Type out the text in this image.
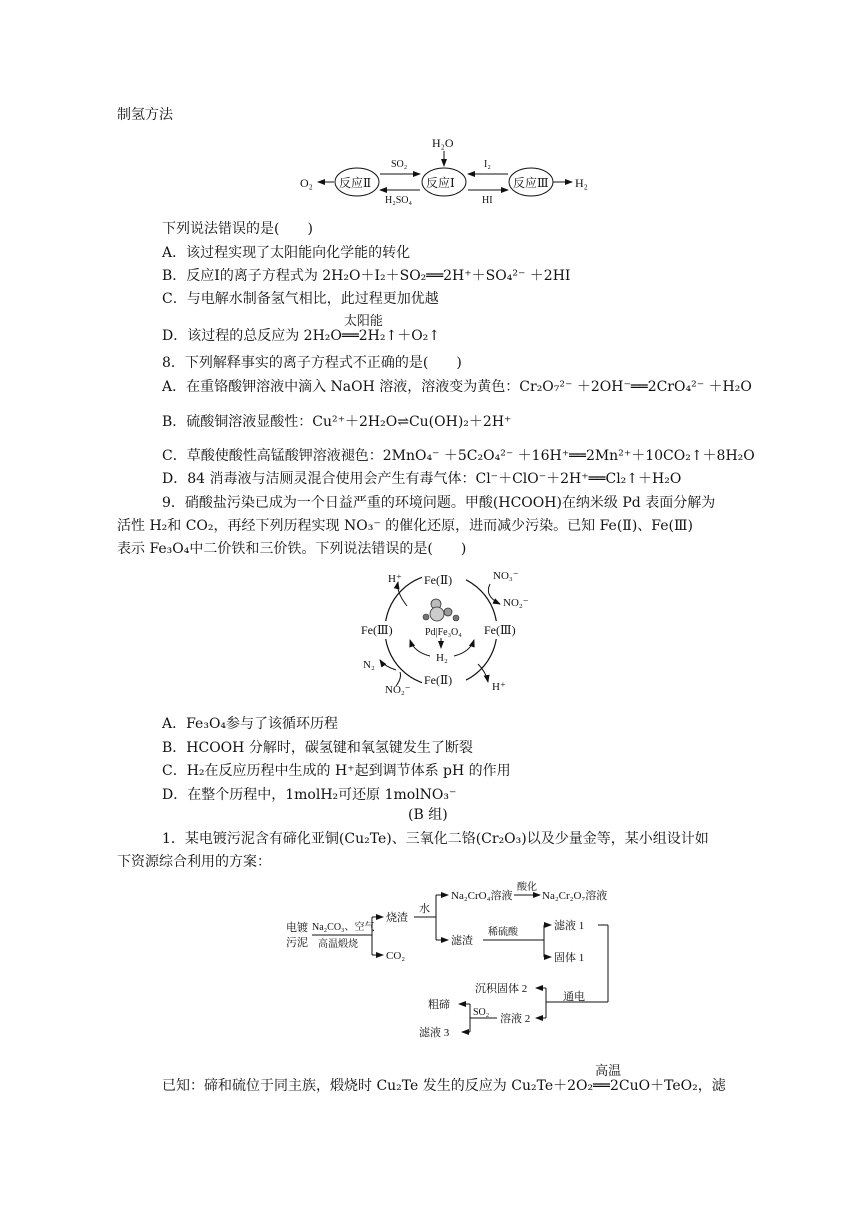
制氢方法
H₂O
O₂ 反应Ⅱ	反应Ⅰ	反应Ⅲ H₂
SO₂
H₂SO₄
I₂
HI
下列说法错误的是(　　)
A．该过程实现了太阳能向化学能的转化
B．反应Ⅰ的离子方程式为 2H₂O＋I₂＋SO₂══2H⁺＋SO₄²⁻ ＋2HI
C．与电解水制备氢气相比，此过程更加优越
D．该过程的总反应为 2H₂O
太阳能
══2H₂↑＋O₂↑
8．下列解释事实的离子方程式不正确的是(　　)
A．在重铬酸钾溶液中滴入 NaOH 溶液，溶液变为黄色：Cr₂O₇²⁻ ＋2OH⁻══2CrO₄²⁻ ＋H₂O
B．硫酸铜溶液显酸性：Cu²⁺＋2H₂O⇌Cu(OH)₂＋2H⁺
C．草酸使酸性高锰酸钾溶液褪色：2MnO₄⁻ ＋5C₂O₄²⁻ ＋16H⁺══2Mn²⁺＋10CO₂↑＋8H₂O
D．84 消毒液与洁厕灵混合使用会产生有毒气体：Cl⁻＋ClO⁻＋2H⁺══Cl₂↑＋H₂O
9．硝酸盐污染已成为一个日益严重的环境问题。甲酸(HCOOH)在纳米级 Pd 表面分解为
活性 H₂和 CO₂，再经下列历程实现 NO₃⁻ 的催化还原，进而减少污染。已知 Fe(Ⅱ)、Fe(Ⅲ)
表示 Fe₃O₄中二价铁和三价铁。下列说法错误的是(　　)
Fe(Ⅱ)
H⁺	NO₃⁻
NO₂⁻
Fe(Ⅲ)	Fe(Ⅲ)
Pd|Fe₃O₄
H₂
N₂
NO₂⁻
Fe(Ⅱ)	H⁺
A．Fe₃O₄参与了该循环历程
B．HCOOH 分解时，碳氢键和氧氢键发生了断裂
C．H₂在反应历程中生成的 H⁺起到调节体系 pH 的作用
D．在整个历程中，1molH₂可还原 1molNO₃⁻
(B 组)
1．某电镀污泥含有碲化亚铜(Cu₂Te)、三氧化二铬(Cr₂O₃)以及少量金等，某小组设计如
下资源综合利用的方案：
电镀
污泥
Na₂CO₃、空气
高温煅烧
烧渣
CO₂
水
Na₂CrO₄溶液
酸化
Na₂Cr₂O₇溶液
滤渣
稀硫酸
滤液 1
固体 1
通电
沉积固体 2
溶液 2
SO₂
粗碲
滤液 3
已知：碲和硫位于同主族，煅烧时 Cu₂Te 发生的反应为 Cu₂Te＋2O₂
高温
══2CuO＋TeO₂，滤
